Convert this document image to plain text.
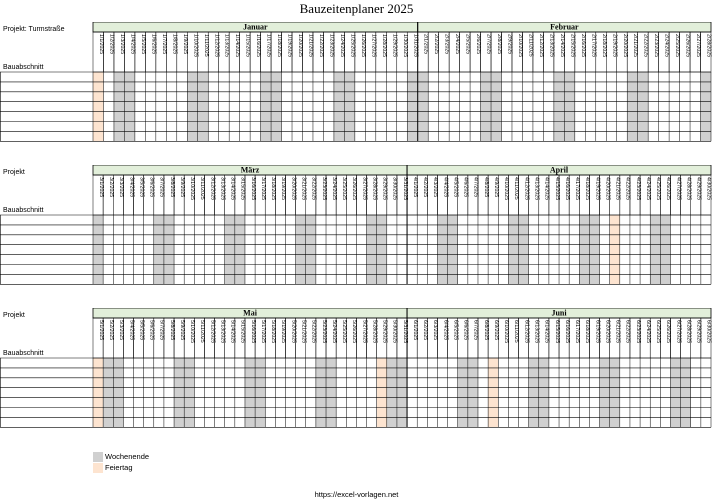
Bauzeitenplaner 2025
Januar
1/1/2025 1/2/2025 1/3/2025 1/4/2025 1/5/2025 1/6/2025 1/7/2025 1/8/2025 1/9/2025 1/10/2025 1/11/2025 1/12/2025 1/13/2025 1/14/2025 1/15/2025 1/16/2025 1/17/2025 1/18/2025 1/19/2025 1/20/2025 1/21/2025 1/22/2025 1/23/2025 1/24/2025 1/25/2025 1/26/2025 1/27/2025 1/28/2025 1/29/2025 1/30/2025 1/31/2025
Februar
2/1/2025 2/2/2025 2/3/2025 2/4/2025 2/5/2025 2/6/2025 2/7/2025 2/8/2025 2/9/2025 2/10/2025 2/11/2025 2/12/2025 2/13/2025 2/14/2025 2/15/2025 2/16/2025 2/17/2025 2/18/2025 2/19/2025 2/20/2025 2/21/2025 2/22/2025 2/23/2025 2/24/2025 2/25/2025 2/26/2025 2/27/2025 2/28/2025
Projekt: Turmstraße
Bauabschnitt
März
3/1/2025 3/2/2025 3/3/2025 3/4/2025 3/5/2025 3/6/2025 3/7/2025 3/8/2025 3/9/2025 3/10/2025 3/11/2025 3/12/2025 3/13/2025 3/14/2025 3/15/2025 3/16/2025 3/17/2025 3/18/2025 3/19/2025 3/20/2025 3/21/2025 3/22/2025 3/23/2025 3/24/2025 3/25/2025 3/26/2025 3/27/2025 3/28/2025 3/29/2025 3/30/2025 3/31/2025
April
4/1/2025 4/2/2025 4/3/2025 4/4/2025 4/5/2025 4/6/2025 4/7/2025 4/8/2025 4/9/2025 4/10/2025 4/11/2025 4/12/2025 4/13/2025 4/14/2025 4/15/2025 4/16/2025 4/17/2025 4/18/2025 4/19/2025 4/20/2025 4/21/2025 4/22/2025 4/23/2025 4/24/2025 4/25/2025 4/26/2025 4/27/2025 4/28/2025 4/29/2025 4/30/2025
Projekt
Bauabschnitt
Mai
5/1/2025 5/2/2025 5/3/2025 5/4/2025 5/5/2025 5/6/2025 5/7/2025 5/8/2025 5/9/2025 5/10/2025 5/11/2025 5/12/2025 5/13/2025 5/14/2025 5/15/2025 5/16/2025 5/17/2025 5/18/2025 5/19/2025 5/20/2025 5/21/2025 5/22/2025 5/23/2025 5/24/2025 5/25/2025 5/26/2025 5/27/2025 5/28/2025 5/29/2025 5/30/2025 5/31/2025
Juni
6/1/2025 6/2/2025 6/3/2025 6/4/2025 6/5/2025 6/6/2025 6/7/2025 6/8/2025 6/9/2025 6/10/2025 6/11/2025 6/12/2025 6/13/2025 6/14/2025 6/15/2025 6/16/2025 6/17/2025 6/18/2025 6/19/2025 6/20/2025 6/21/2025 6/22/2025 6/23/2025 6/24/2025 6/25/2025 6/26/2025 6/27/2025 6/28/2025 6/29/2025 6/30/2025
Projekt
Bauabschnitt
Wochenende
Feiertag
https://excel-vorlagen.net
